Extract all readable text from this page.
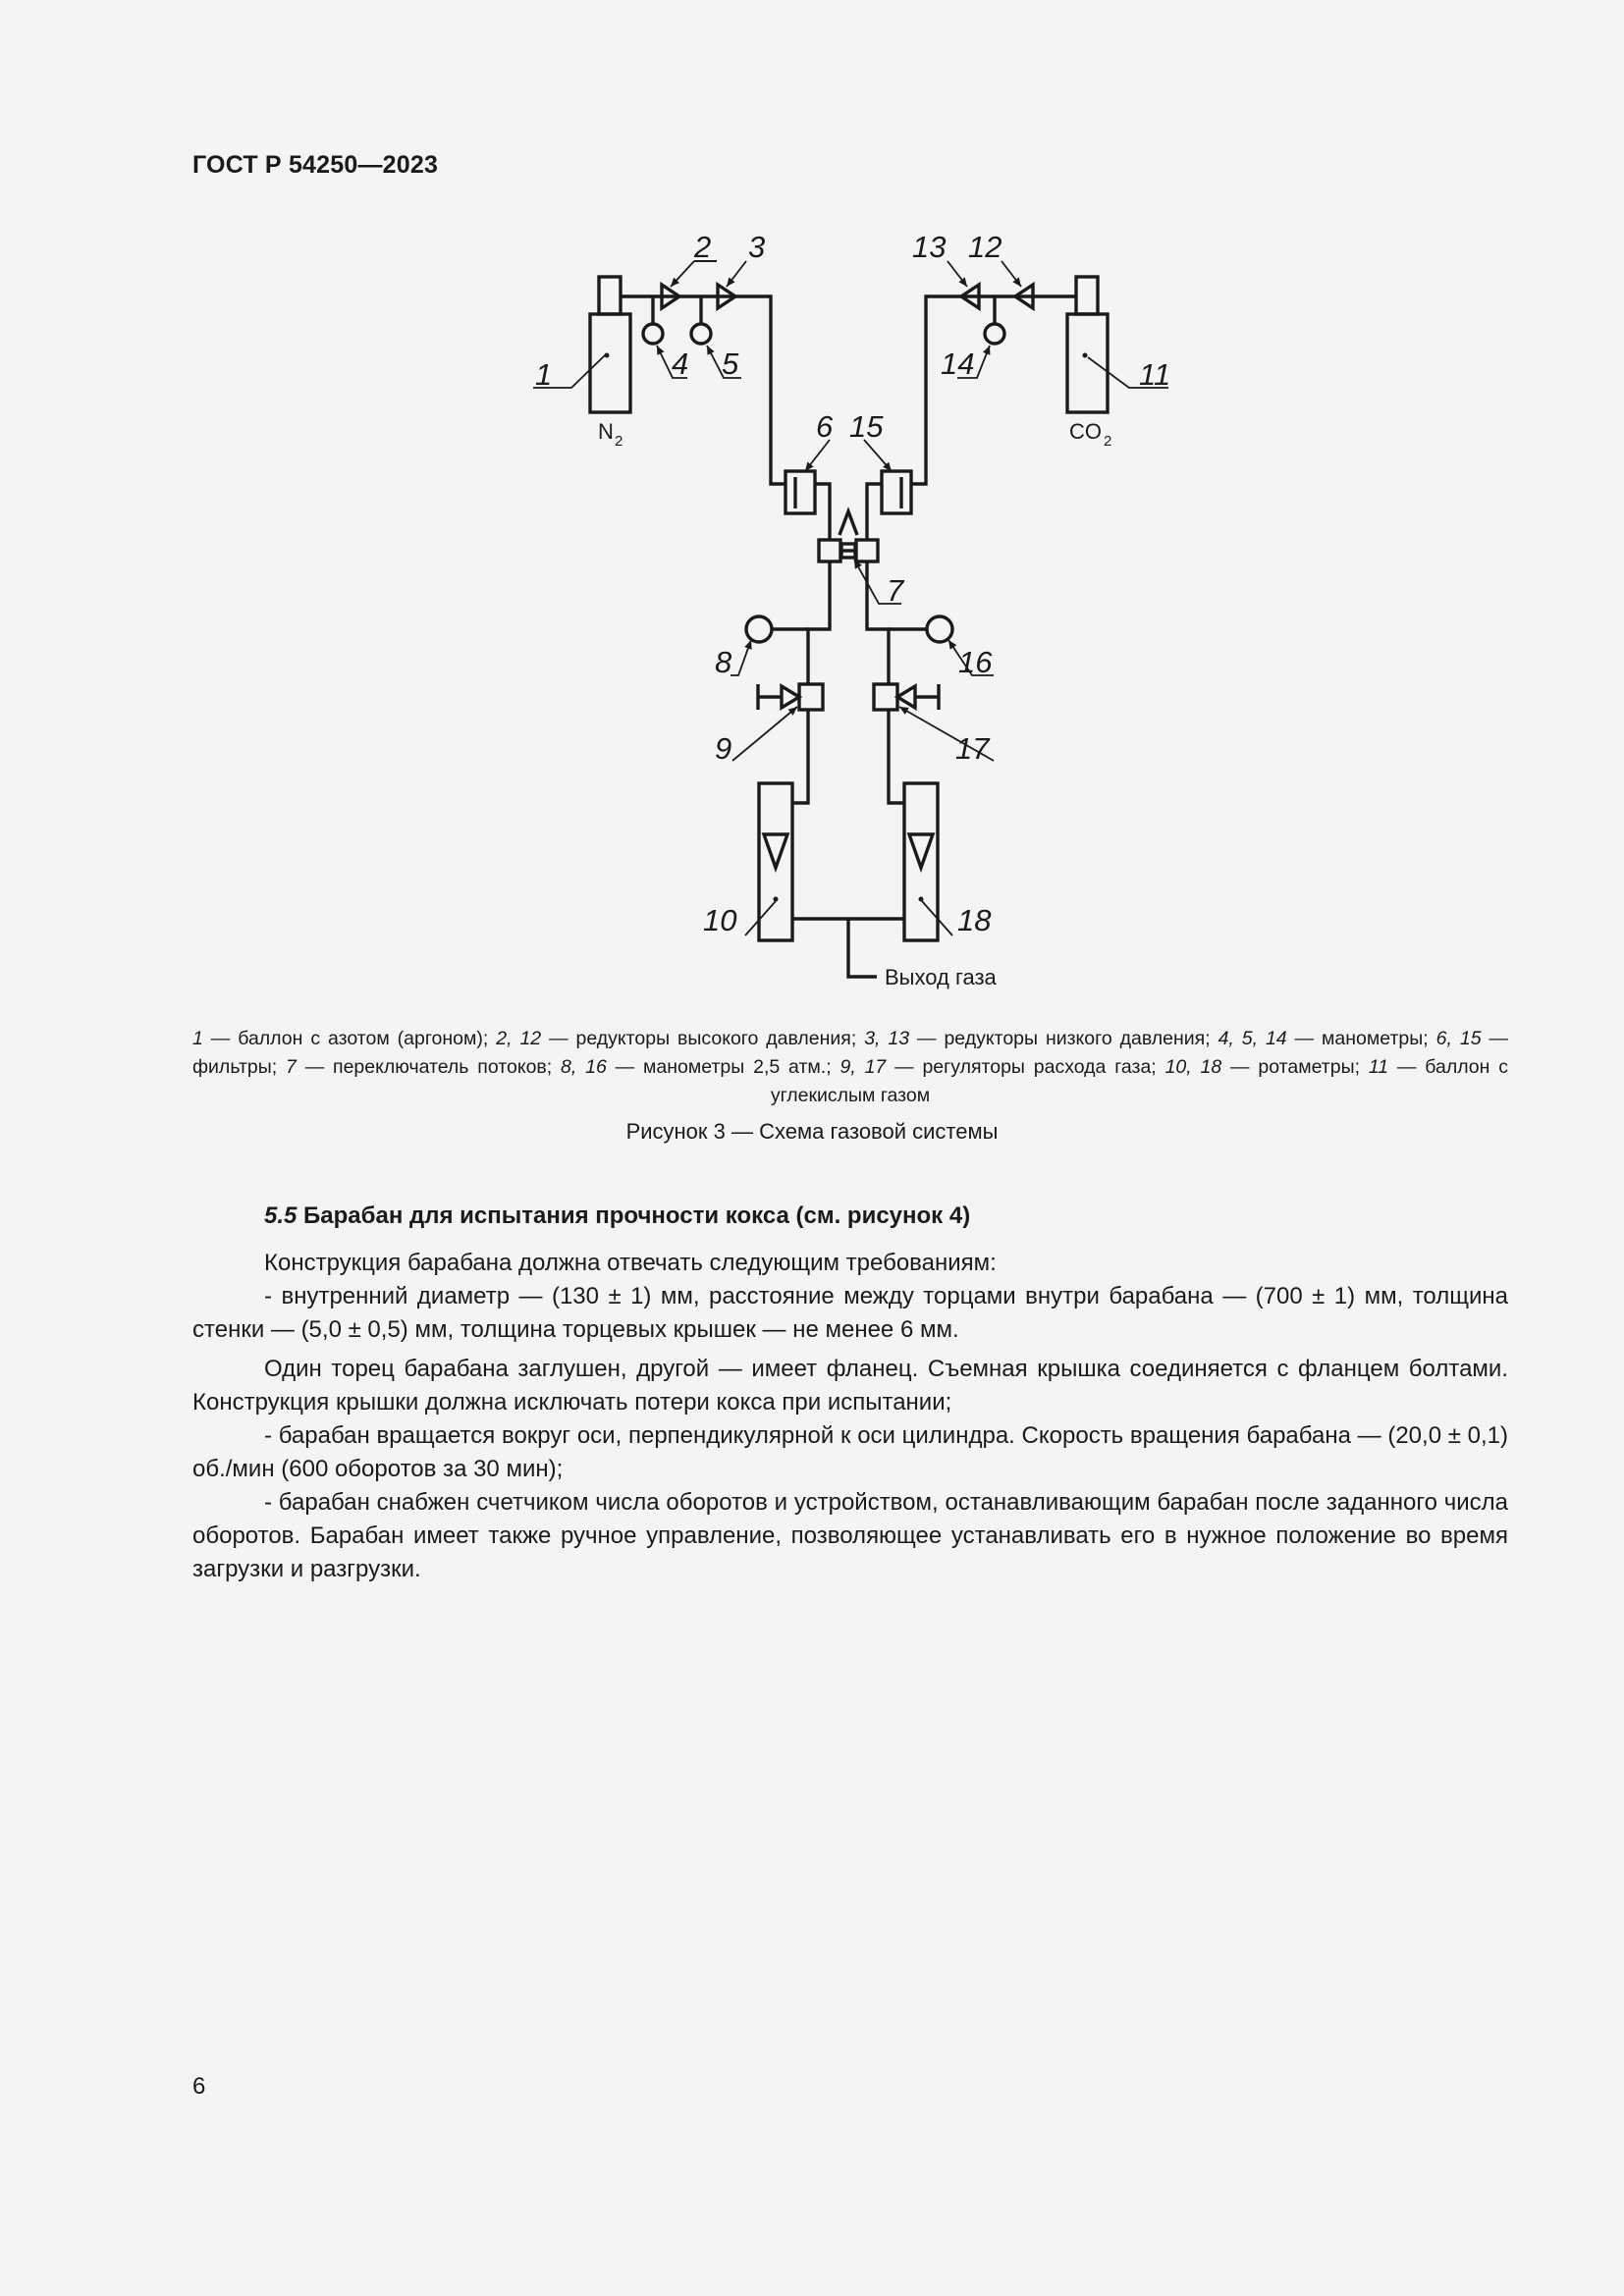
ГОСТ Р 54250—2023
1
2 3
4 5
6
7
8
9
10
11
12
13
14
15
16
17
18
N 2	CO 2
Выход газа
1 — баллон с азотом (аргоном); 2, 12 — редукторы высокого давления; 3, 13 — редукторы низкого давления; 4, 5, 14 — манометры; 6, 15 — фильтры; 7 — переключатель потоков; 8, 16 — манометры 2,5 атм.; 9, 17 — регуляторы расхода газа; 10, 18 — ротаметры; 11 — баллон с углекислым газом
Рисунок 3 — Схема газовой системы

5.5 Барабан для испытания прочности кокса (см. рисунок 4)

Конструкция барабана должна отвечать следующим требованиям:

- внутренний диаметр — (130 ± 1) мм, расстояние между торцами внутри барабана — (700 ± 1) мм, толщина стенки — (5,0 ± 0,5) мм, толщина торцевых крышек — не менее 6 мм.

Один торец барабана заглушен, другой — имеет фланец. Съемная крышка соединяется с фланцем болтами. Конструкция крышки должна исключать потери кокса при испытании;

- барабан вращается вокруг оси, перпендикулярной к оси цилиндра. Скорость вращения барабана — (20,0 ± 0,1) об./мин (600 оборотов за 30 мин);

- барабан снабжен счетчиком числа оборотов и устройством, останавливающим барабан после заданного числа оборотов. Барабан имеет также ручное управление, позволяющее устанавливать его в нужное положение во время загрузки и разгрузки.

6
